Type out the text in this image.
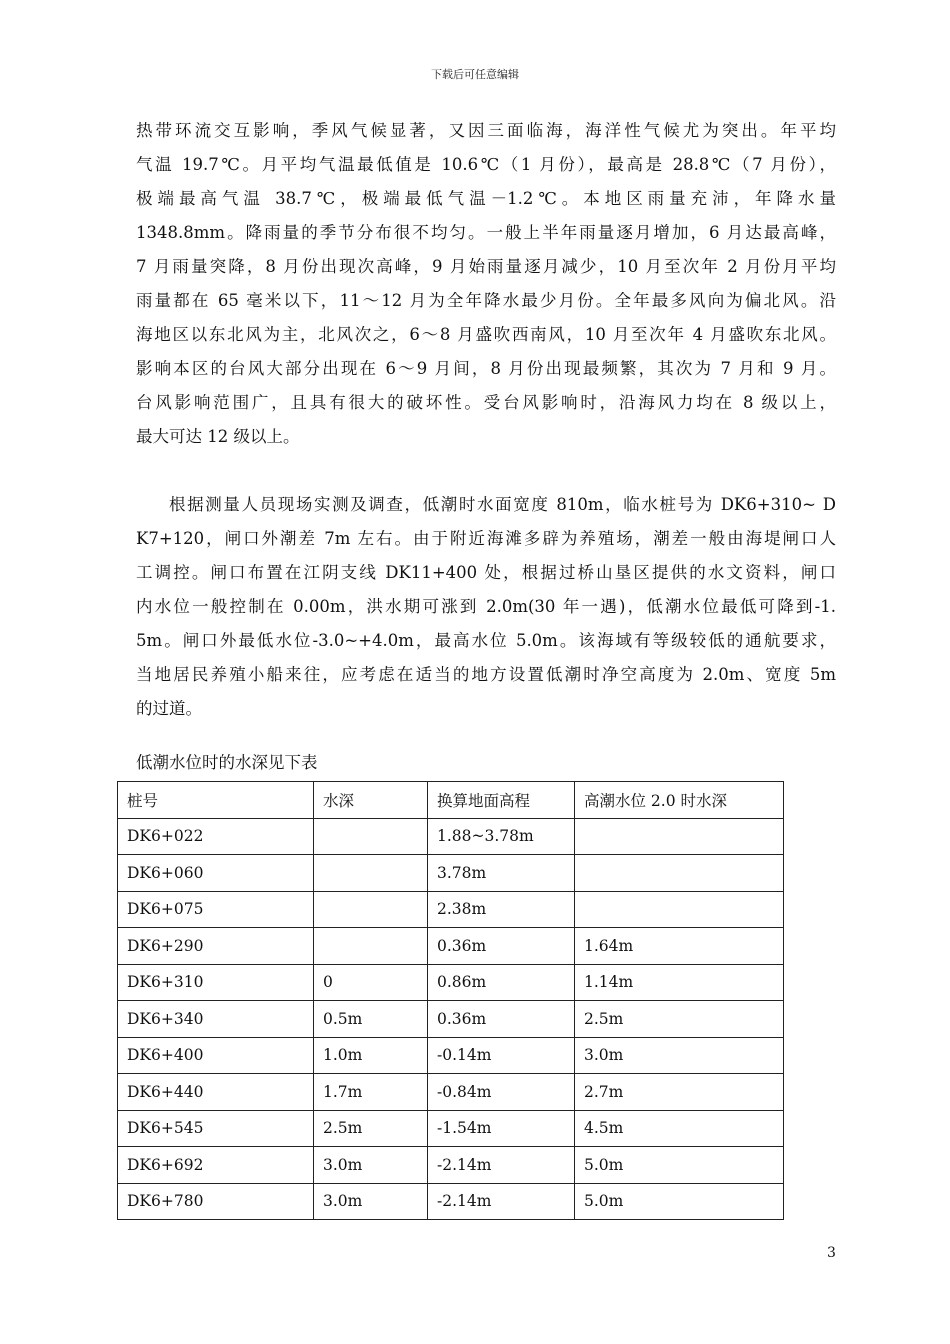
下载后可任意编辑
热带环流交互影响，季风气候显著，又因三面临海，海洋性气候尤为突出。年平均
气温 19.7℃。月平均气温最低值是 10.6℃（1 月份），最高是 28.8℃（7 月份），
极端最高气温 38.7℃，极端最低气温－1.2℃。本地区雨量充沛，年降水量
1348.8mm。降雨量的季节分布很不均匀。一般上半年雨量逐月增加，6 月达最高峰，
7 月雨量突降，8 月份出现次高峰，9 月始雨量逐月减少，10 月至次年 2 月份月平均
雨量都在 65 毫米以下，11～12 月为全年降水最少月份。全年最多风向为偏北风。沿
海地区以东北风为主，北风次之，6～8 月盛吹西南风，10 月至次年 4 月盛吹东北风。
影响本区的台风大部分出现在 6～9 月间，8 月份出现最频繁，其次为 7 月和 9 月。
台风影响范围广，且具有很大的破坏性。受台风影响时，沿海风力均在 8 级以上，
最大可达 12 级以上。
根据测量人员现场实测及调查，低潮时水面宽度 810m，临水桩号为 DK6+310~ D
K7+120，闸口外潮差 7m 左右。由于附近海滩多辟为养殖场，潮差一般由海堤闸口人
工调控。闸口布置在江阴支线 DK11+400 处，根据过桥山垦区提供的水文资料，闸口
内水位一般控制在 0.00m，洪水期可涨到 2.0m(30 年一遇)，低潮水位最低可降到-1.
5m。闸口外最低水位-3.0~+4.0m，最高水位 5.0m。该海域有等级较低的通航要求，
当地居民养殖小船来往，应考虑在适当的地方设置低潮时净空高度为 2.0m、宽度 5m
的过道。
低潮水位时的水深见下表
桩号	水深	换算地面高程	高潮水位 2.0 时水深
DK6+022		1.88~3.78m	
DK6+060		3.78m	
DK6+075		2.38m	
DK6+290		0.36m	1.64m
DK6+310	0	0.86m	1.14m
DK6+340	0.5m	0.36m	2.5m
DK6+400	1.0m	-0.14m	3.0m
DK6+440	1.7m	-0.84m	2.7m
DK6+545	2.5m	-1.54m	4.5m
DK6+692	3.0m	-2.14m	5.0m
DK6+780	3.0m	-2.14m	5.0m
3
